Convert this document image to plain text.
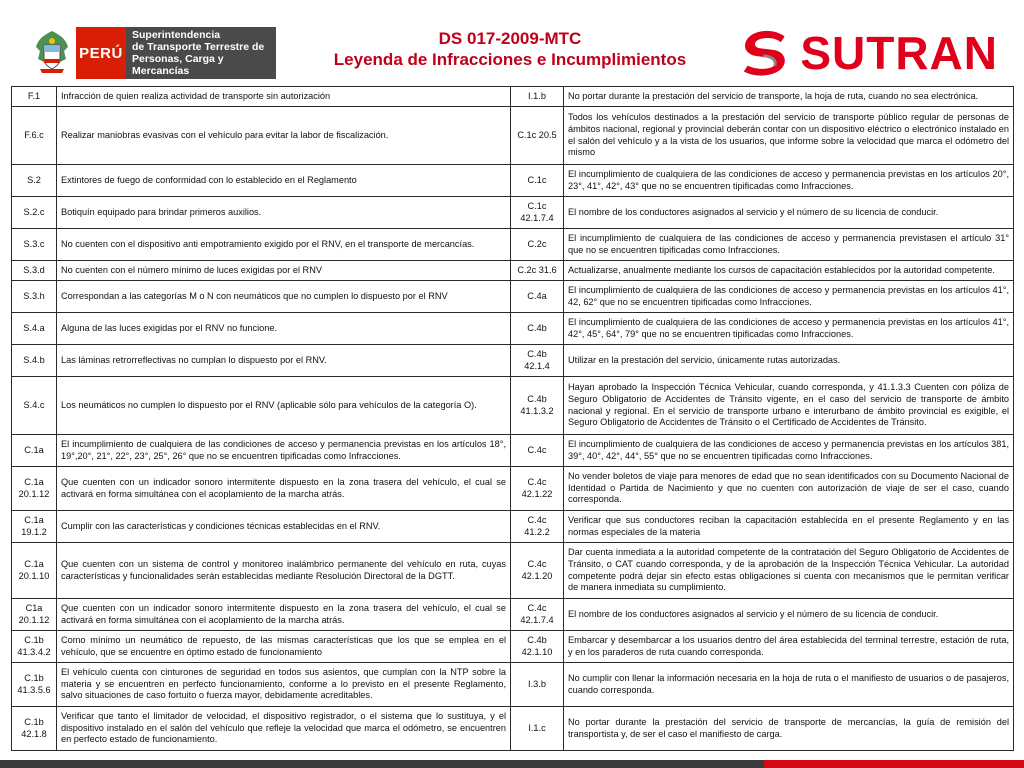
PERÚ
Superintendencia
de Transporte Terrestre de
Personas, Carga y Mercancías
DS 017-2009-MTC
Leyenda de Infracciones e Incumplimientos	SUTRAN
F.1	Infracción de quien realiza actividad de transporte sin autorización	I.1.b	No portar durante la prestación del servicio de transporte, la hoja de ruta, cuando no sea electrónica.
F.6.c	Realizar maniobras evasivas con el vehículo para evitar la labor de fiscalización.	C.1c 20.5	Todos los vehículos destinados a la prestación del servicio de transporte público regular de personas de ámbitos nacional, regional y provincial deberán contar con un dispositivo eléctrico o electrónico instalado en el salón del vehículo y a la vista de los usuarios, que informe sobre la velocidad que marca el odómetro del mismo
S.2	Extintores de fuego de conformidad con lo establecido en el Reglamento	C.1c	El incumplimiento de cualquiera de las condiciones de acceso y permanencia previstas en los artículos 20°, 23°, 41°, 42°, 43° que no se encuentren tipificadas como Infracciones.
S.2.c	Botiquín equipado para brindar primeros auxilios.	C.1c 42.1.7.4	El nombre de los conductores asignados al servicio y el número de su licencia de conducir.
S.3.c	No cuenten con el dispositivo anti empotramiento exigido por el RNV, en el transporte de mercancías.	C.2c	El incumplimiento de cualquiera de las condiciones de acceso y permanencia previstasen el artículo 31° que no se encuentren tipificadas como Infracciones.
S.3.d	No cuenten con el número mínimo de luces exigidas por el RNV	C.2c 31.6	Actualizarse, anualmente mediante los cursos de capacitación establecidos por la autoridad competente.
S.3.h	Correspondan a las categorías M o N con neumáticos que no cumplen lo dispuesto por el RNV	C.4a	El incumplimiento de cualquiera de las condiciones de acceso y permanencia previstas en los artículos 41°, 42, 62° que no se encuentren tipificadas como Infracciones.
S.4.a	Alguna de las luces exigidas por el RNV no funcione.	C.4b	El incumplimiento de cualquiera de las condiciones de acceso y permanencia previstas en los artículos 41°, 42°, 45°, 64°, 79° que no se encuentren tipificadas como Infracciones.
S.4.b	Las láminas retrorreflectivas no cumplan lo dispuesto por el RNV.	C.4b 42.1.4	Utilizar en la prestación del servicio, únicamente rutas autorizadas.
S.4.c	Los neumáticos no cumplen lo dispuesto por el RNV (aplicable sólo para vehículos de la categoría O).	C.4b 41.1.3.2	Hayan aprobado la Inspección Técnica Vehicular, cuando corresponda, y 41.1.3.3 Cuenten con póliza de Seguro Obligatorio de Accidentes de Tránsito vigente, en el caso del servicio de transporte de ámbito nacional y regional. En el servicio de transporte urbano e interurbano de ámbito provincial es exigible, el Seguro Obligatorio de Accidentes de Tránsito o el Certificado de Accidentes de Tránsito.
C.1a	El incumplimiento de cualquiera de las condiciones de acceso y permanencia previstas en los artículos 18°, 19°,20°, 21°, 22°, 23°, 25°, 26° que no se encuentren tipificadas como Infracciones.	C.4c	El incumplimiento de cualquiera de las condiciones de acceso y permanencia previstas en los artículos 381, 39°, 40°, 42°, 44°, 55° que no se encuentren tipificadas como Infracciones.
C.1a 20.1.12	Que cuenten con un indicador sonoro intermitente dispuesto en la zona trasera del vehículo, el cual se activará en forma simultánea con el acoplamiento de la marcha atrás.	C.4c 42.1.22	No vender boletos de viaje para menores de edad que no sean identificados con su Documento Nacional de Identidad o Partida de Nacimiento y que no cuenten con autorización de viaje de ser el caso, cuando corresponda.
C.1a 19.1.2	Cumplir con las características y condiciones técnicas establecidas en el RNV.	C.4c 41.2.2	Verificar que sus conductores reciban la capacitación establecida en el presente Reglamento y en las normas especiales de la materia
C.1a 20.1.10	Que cuenten con un sistema de control y monitoreo inalámbrico permanente del vehículo en ruta, cuyas características y funcionalidades serán establecidas mediante Resolución Directoral de la DGTT.	C.4c 42.1.20	Dar cuenta inmediata a la autoridad competente de la contratación del Seguro Obligatorio de Accidentes de Tránsito, o CAT cuando corresponda, y de la aprobación de la Inspección Técnica Vehicular. La autoridad competente podrá dejar sin efecto estas obligaciones si cuenta con mecanismos que le permitan verificar de manera inmediata su cumplimiento.
C1a 20.1.12	Que cuenten con un indicador sonoro intermitente dispuesto en la zona trasera del vehículo, el cual se activará en forma simultánea con el acoplamiento de la marcha atrás.	C.4c 42.1.7.4	El nombre de los conductores asignados al servicio y el número de su licencia de conducir.
C.1b 41.3.4.2	Como mínimo un neumático de repuesto, de las mismas características que los que se emplea en el vehículo, que se encuentre en óptimo estado de funcionamiento	C.4b 42.1.10	Embarcar y desembarcar a los usuarios dentro del área establecida del terminal terrestre, estación de ruta, y en los paraderos de ruta cuando corresponda.
C.1b 41.3.5.6	El vehículo cuenta con cinturones de seguridad en todos sus asientos, que cumplan con la NTP sobre la materia y se encuentren en perfecto funcionamiento, conforme a lo previsto en el presente Reglamento, salvo situaciones de caso fortuito o fuerza mayor, debidamente acreditables.	I.3.b	No cumplir con llenar la información necesaria en la hoja de ruta o el manifiesto de usuarios o de pasajeros, cuando corresponda.
C.1b 42.1.8	Verificar que tanto el limitador de velocidad, el dispositivo registrador, o el sistema que lo sustituya, y el dispositivo instalado en el salón del vehículo que refleje la velocidad que marca el odómetro, se encuentren en perfecto estado de funcionamiento.	I.1.c	No portar durante la prestación del servicio de transporte de mercancías, la guía de remisión del transportista y, de ser el caso el manifiesto de carga.
